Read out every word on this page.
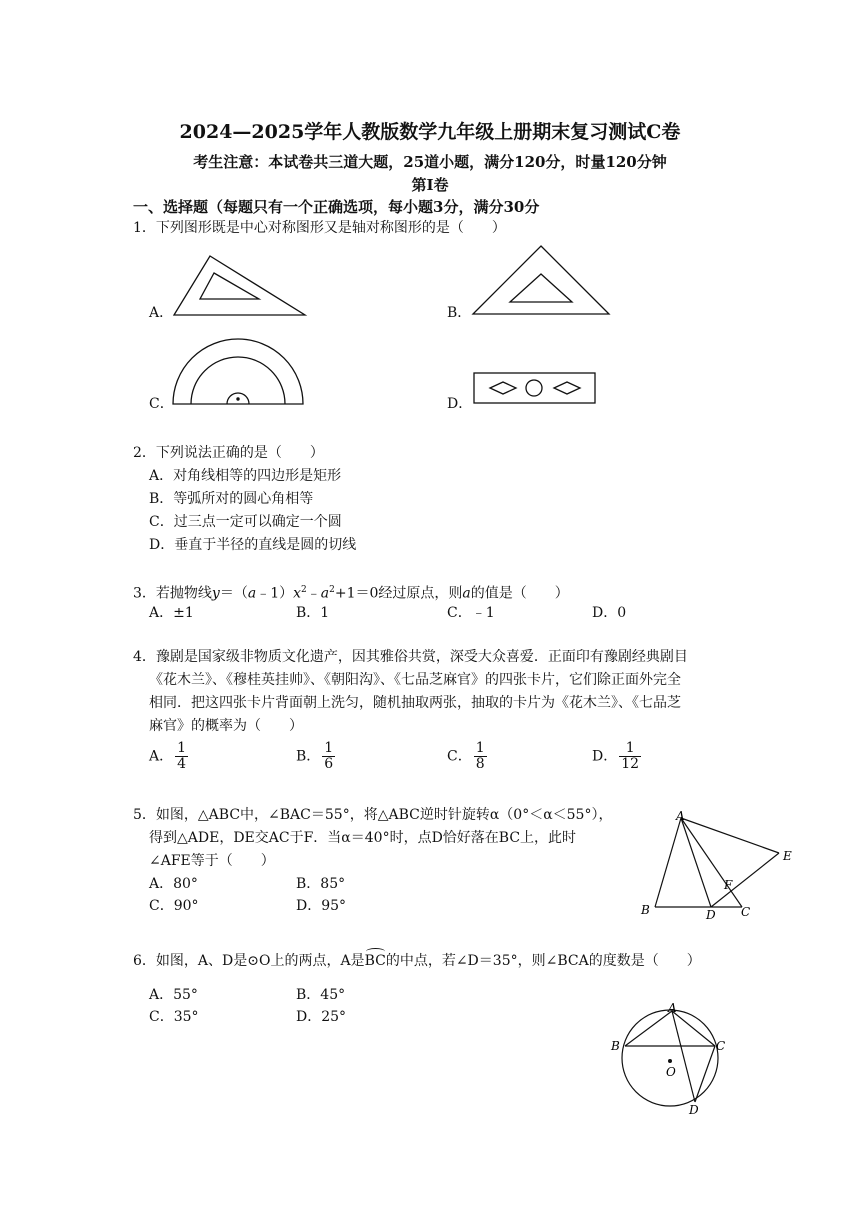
2024—2025学年人教版数学九年级上册期末复习测试C卷
考生注意：本试卷共三道大题，25道小题，满分120分，时量120分钟
第Ⅰ卷
一、选择题（每题只有一个正确选项，每小题3分，满分30分
1．下列图形既是中心对称图形又是轴对称图形的是（　　）
A．	B．
C．	D．
2．下列说法正确的是（　　）
A．对角线相等的四边形是矩形
B．等弧所对的圆心角相等
C．过三点一定可以确定一个圆
D．垂直于半径的直线是圆的切线
3．若抛物线$y=(a﹣1)x^2﹣a^2+1=0$经过原点，则a的值是（　　）
A．±1	B．1	C．﹣1	D．0
4．豫剧是国家级非物质文化遗产，因其雅俗共赏，深受大众喜爱．正面印有豫剧经典剧目
《花木兰》、《穆桂英挂帅》、《朝阳沟》、《七品芝麻官》的四张卡片，它们除正面外完全
相同．把这四张卡片背面朝上洗匀，随机抽取两张，抽取的卡片为《花木兰》、《七品芝
麻官》的概率为（　　）
A． $\frac{1}{4}$	B． $\frac{1}{6}$	C． $\frac{1}{8}$	D． $\frac{1}{12}$
5．如图，△ABC中，∠BAC＝55°，将△ABC逆时针旋转α（0°＜α＜55°），
得到△ADE，DE交AC于F．当α＝40°时，点D恰好落在BC上，此时
∠AFE等于（　　）
A．80°	B．85°
C．90°	D．95°
A
B	C
D
E
F
6．如图，A、D是⊙O上的两点，A是BC的中点，若∠D＝35°，则∠BCA的度数是（　　）
A．55°	B．45°
C．35°	D．25°
A
B	C
D
O
